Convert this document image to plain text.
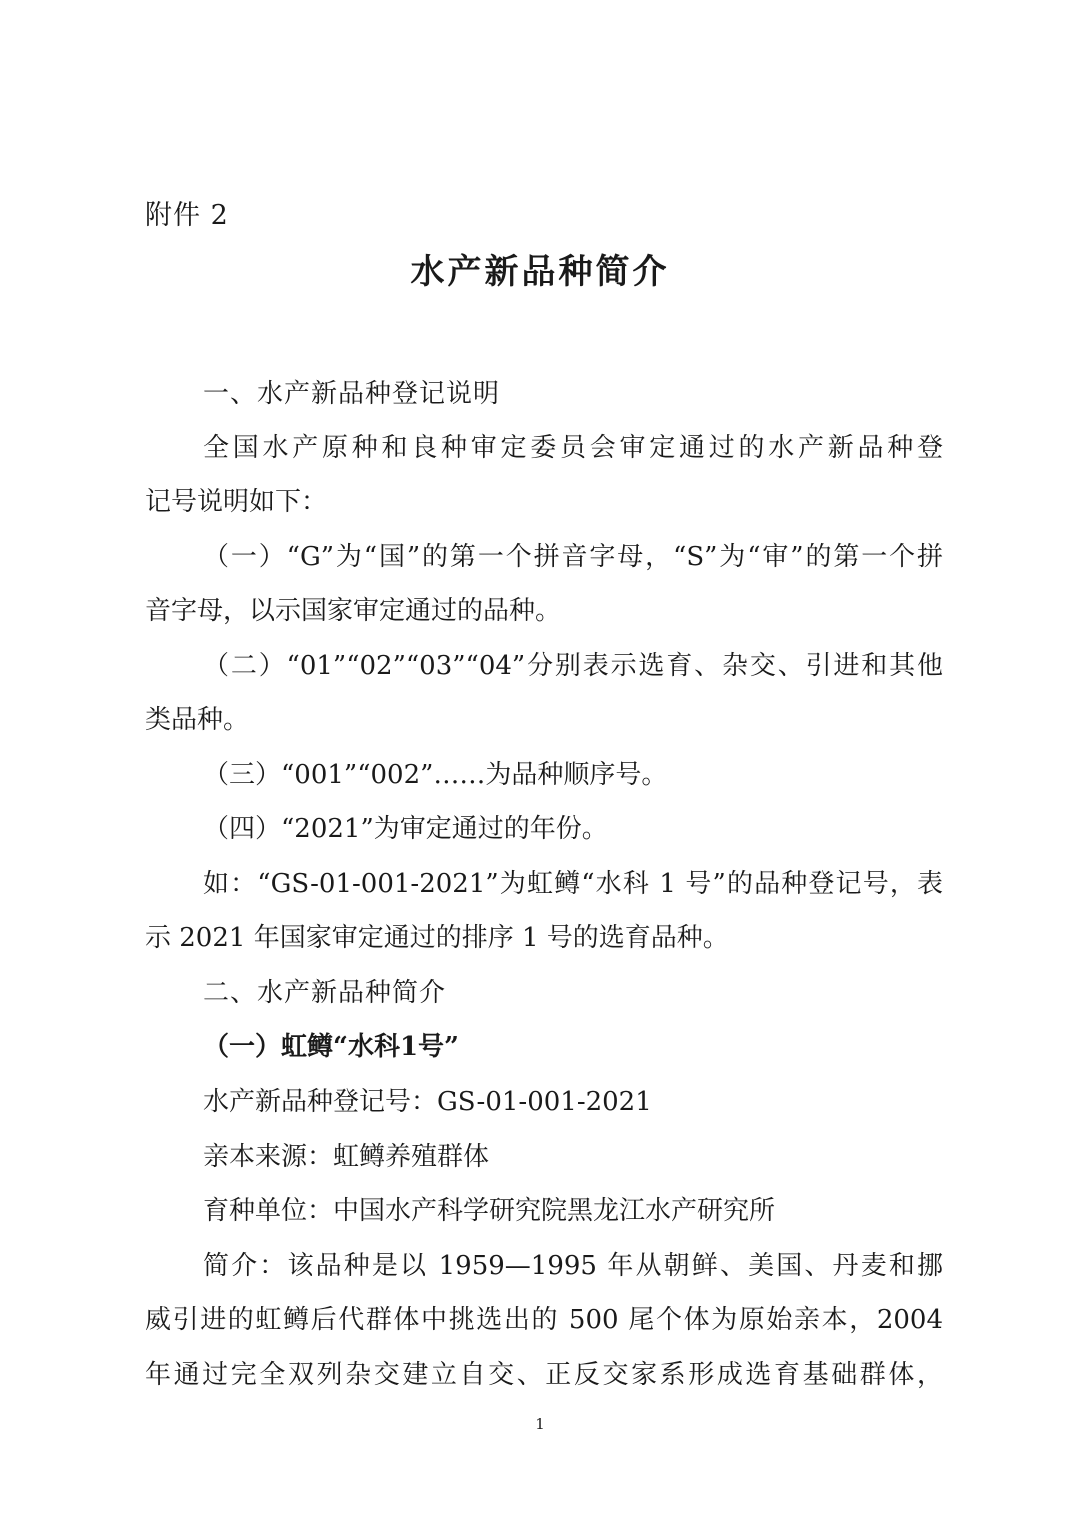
附件 2
水产新品种简介
一、水产新品种登记说明
全国水产原种和良种审定委员会审定通过的水产新品种登
记号说明如下：
（一）“G”为“国”的第一个拼音字母，“S”为“审”的第一个拼
音字母，以示国家审定通过的品种。
（二）“01”“02”“03”“04”分别表示选育、杂交、引进和其他
类品种。
（三）“001”“002”……为品种顺序号。
（四）“2021”为审定通过的年份。
如：“GS-01-001-2021”为虹鳟“水科 1 号”的品种登记号，表
示 2021 年国家审定通过的排序 1 号的选育品种。
二、水产新品种简介
（一）虹鳟“水科1号”
水产新品种登记号：GS-01-001-2021
亲本来源：虹鳟养殖群体
育种单位：中国水产科学研究院黑龙江水产研究所
简介：该品种是以 1959—1995 年从朝鲜、美国、丹麦和挪
威引进的虹鳟后代群体中挑选出的 500 尾个体为原始亲本，2004
年通过完全双列杂交建立自交、正反交家系形成选育基础群体，
1
